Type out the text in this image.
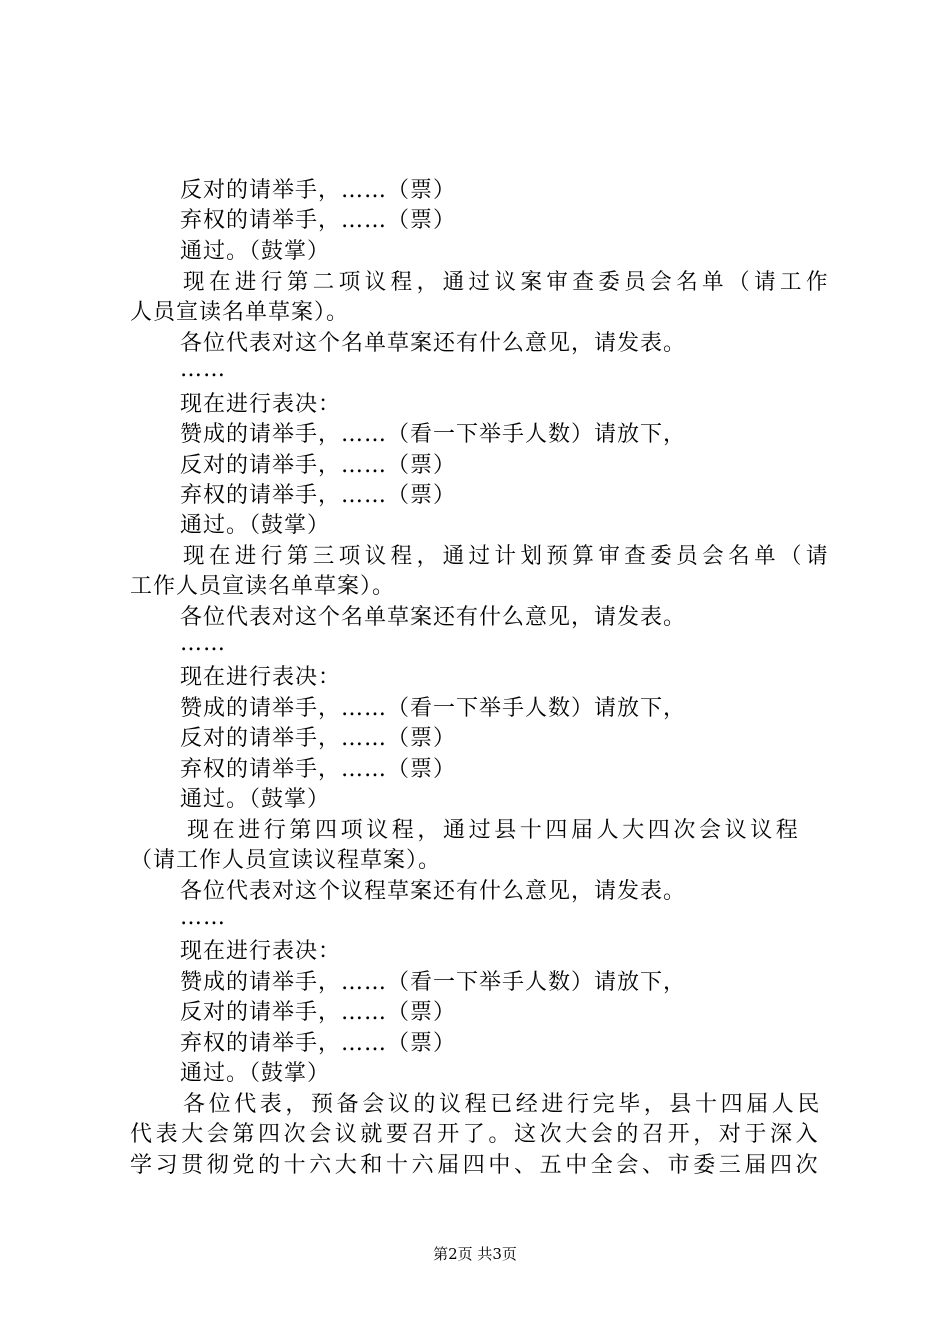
反对的请举手，……（票）

弃权的请举手，……（票）

通过。（鼓掌）

现在进行第二项议程，通过议案审查委员会名单（请工作

人员宣读名单草案）。

各位代表对这个名单草案还有什么意见，请发表。

……

现在进行表决：

赞成的请举手，……（看一下举手人数）请放下，

反对的请举手，……（票）

弃权的请举手，……（票）

通过。（鼓掌）

现在进行第三项议程，通过计划预算审查委员会名单（请

工作人员宣读名单草案）。

各位代表对这个名单草案还有什么意见，请发表。

……

现在进行表决：

赞成的请举手，……（看一下举手人数）请放下，

反对的请举手，……（票）

弃权的请举手，……（票）

通过。（鼓掌）

现在进行第四项议程，通过县十四届人大四次会议议程

（请工作人员宣读议程草案）。

各位代表对这个议程草案还有什么意见，请发表。

……

现在进行表决：

赞成的请举手，……（看一下举手人数）请放下，

反对的请举手，……（票）

弃权的请举手，……（票）

通过。（鼓掌）

各位代表，预备会议的议程已经进行完毕，县十四届人民

代表大会第四次会议就要召开了。这次大会的召开，对于深入

学习贯彻党的十六大和十六届四中、五中全会、市委三届四次

第2页 共3页
